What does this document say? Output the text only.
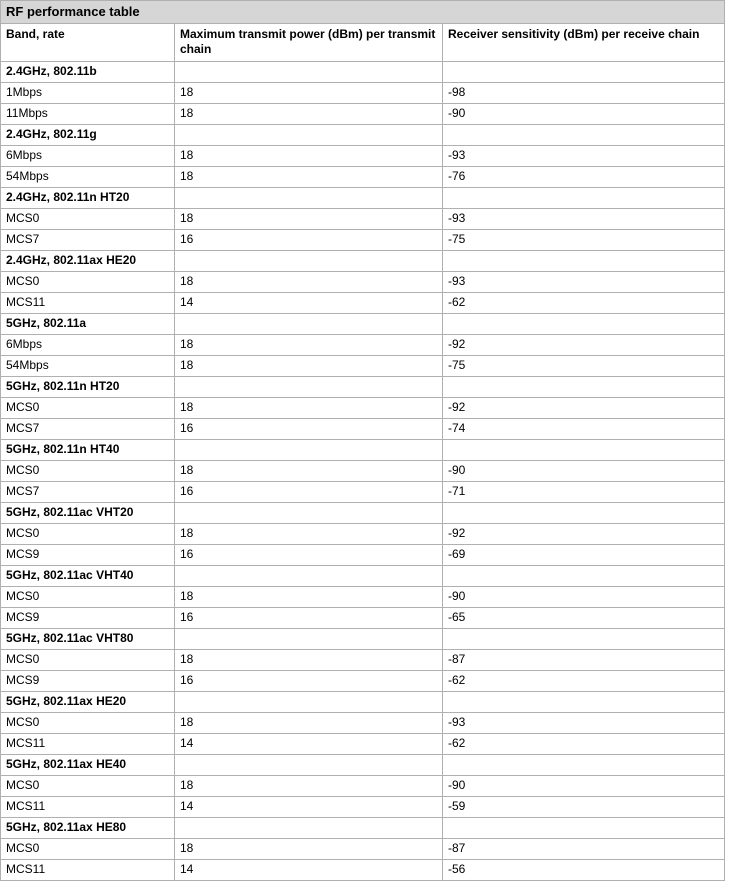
RF performance table
Band, rate	Maximum transmit power (dBm) per transmit chain	Receiver sensitivity (dBm) per receive chain
2.4GHz, 802.11b		
1Mbps	18	-98
11Mbps	18	-90
2.4GHz, 802.11g		
6Mbps	18	-93
54Mbps	18	-76
2.4GHz, 802.11n HT20		
MCS0	18	-93
MCS7	16	-75
2.4GHz, 802.11ax HE20		
MCS0	18	-93
MCS11	14	-62
5GHz, 802.11a		
6Mbps	18	-92
54Mbps	18	-75
5GHz, 802.11n HT20		
MCS0	18	-92
MCS7	16	-74
5GHz, 802.11n HT40		
MCS0	18	-90
MCS7	16	-71
5GHz, 802.11ac VHT20		
MCS0	18	-92
MCS9	16	-69
5GHz, 802.11ac VHT40		
MCS0	18	-90
MCS9	16	-65
5GHz, 802.11ac VHT80		
MCS0	18	-87
MCS9	16	-62
5GHz, 802.11ax HE20		
MCS0	18	-93
MCS11	14	-62
5GHz, 802.11ax HE40		
MCS0	18	-90
MCS11	14	-59
5GHz, 802.11ax HE80		
MCS0	18	-87
MCS11	14	-56
